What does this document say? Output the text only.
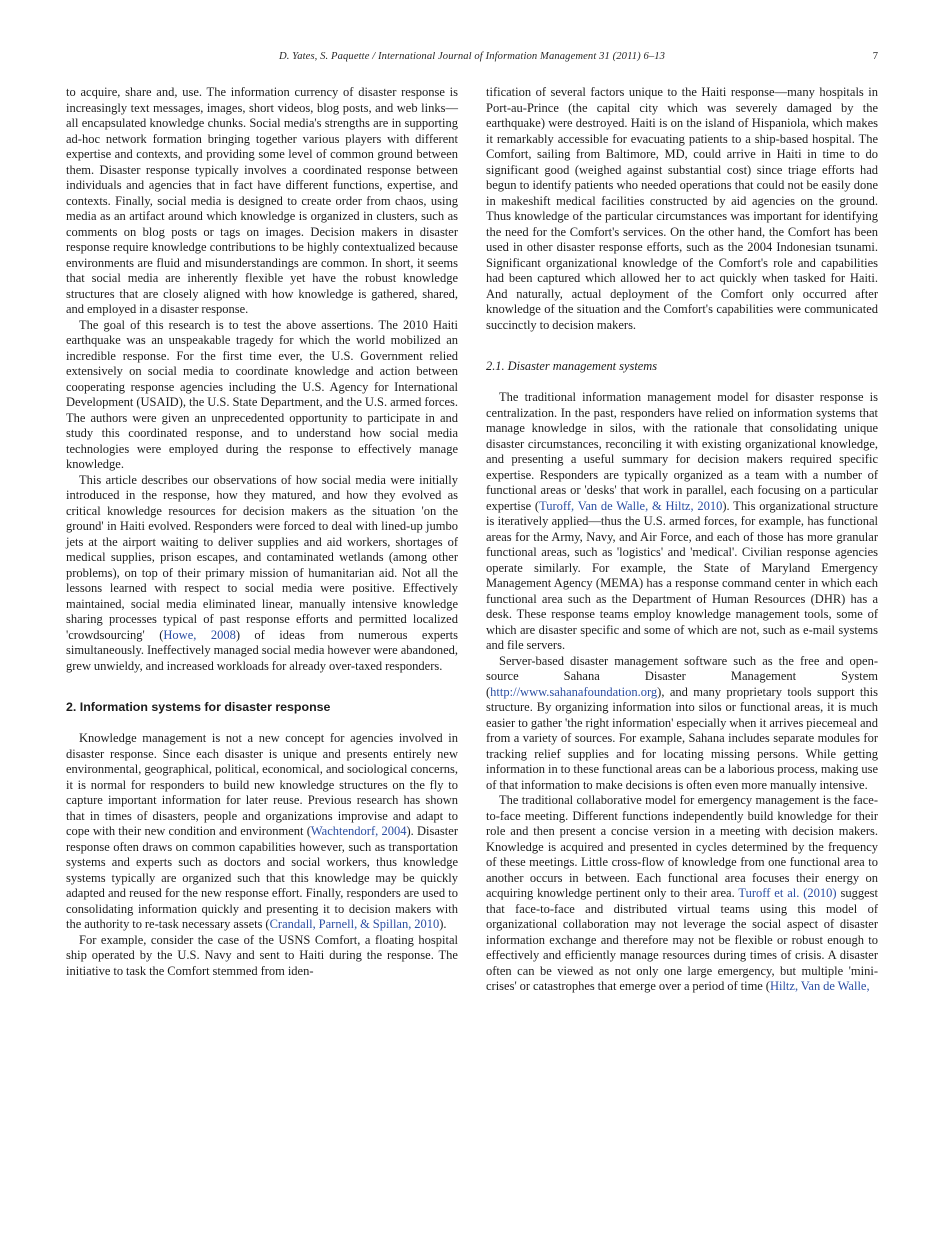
D. Yates, S. Paquette / International Journal of Information Management 31 (2011) 6–13	7

to acquire, share and, use. The information currency of disaster response is increasingly text messages, images, short videos, blog posts, and web links—all encapsulated knowledge chunks. Social media's strengths are in supporting ad-hoc network formation bringing together various players with different expertise and contexts, and providing some level of common ground between them. Disaster response typically involves a coordinated response between individuals and agencies that in fact have different functions, expertise, and contexts. Finally, social media is designed to create order from chaos, using media as an artifact around which knowledge is organized in clusters, such as comments on blog posts or tags on images. Decision makers in disaster response require knowledge contributions to be highly contextualized because environments are fluid and misunderstandings are common. In short, it seems that social media are inherently flexible yet have the robust knowledge structures that are closely aligned with how knowledge is gathered, shared, and employed in a disaster response.

The goal of this research is to test the above assertions. The 2010 Haiti earthquake was an unspeakable tragedy for which the world mobilized an incredible response. For the first time ever, the U.S. Government relied extensively on social media to coordinate knowledge and action between cooperating response agencies including the U.S. Agency for International Development (USAID), the U.S. State Department, and the U.S. armed forces. The authors were given an unprecedented opportunity to participate in and study this coordinated response, and to understand how social media technologies were employed during the response to effectively manage knowledge.

This article describes our observations of how social media were initially introduced in the response, how they matured, and how they evolved as critical knowledge resources for decision makers as the situation 'on the ground' in Haiti evolved. Responders were forced to deal with lined-up jumbo jets at the airport waiting to deliver supplies and aid workers, shortages of medical supplies, prison escapes, and contaminated wetlands (among other problems), on top of their primary mission of humanitarian aid. Not all the lessons learned with respect to social media were positive. Effectively maintained, social media eliminated linear, manually intensive knowledge sharing processes typical of past response efforts and permitted localized 'crowdsourcing' (Howe, 2008) of ideas from numerous experts simultaneously. Ineffectively managed social media however were abandoned, grew unwieldy, and increased workloads for already over-taxed responders.

2. Information systems for disaster response

Knowledge management is not a new concept for agencies involved in disaster response. Since each disaster is unique and presents entirely new environmental, geographical, political, economical, and sociological concerns, it is normal for responders to build new knowledge structures on the fly to capture important information for later reuse. Previous research has shown that in times of disasters, people and organizations improvise and adapt to cope with their new condition and environment (Wachtendorf, 2004). Disaster response often draws on common capabilities however, such as transportation systems and experts such as doctors and social workers, thus knowledge systems typically are organized such that this knowledge may be quickly adapted and reused for the new response effort. Finally, responders are used to consolidating information quickly and presenting it to decision makers with the authority to re-task necessary assets (Crandall, Parnell, & Spillan, 2010).

For example, consider the case of the USNS Comfort, a floating hospital ship operated by the U.S. Navy and sent to Haiti during the response. The initiative to task the Comfort stemmed from iden-

tification of several factors unique to the Haiti response—many hospitals in Port-au-Prince (the capital city which was severely damaged by the earthquake) were destroyed. Haiti is on the island of Hispaniola, which makes it remarkably accessible for evacuating patients to a ship-based hospital. The Comfort, sailing from Baltimore, MD, could arrive in Haiti in time to do significant good (weighed against substantial cost) since triage efforts had begun to identify patients who needed operations that could not be easily done in makeshift medical facilities constructed by aid agencies on the ground. Thus knowledge of the particular circumstances was important for identifying the need for the Comfort's services. On the other hand, the Comfort has been used in other disaster response efforts, such as the 2004 Indonesian tsunami. Significant organizational knowledge of the Comfort's role and capabilities had been captured which allowed her to act quickly when tasked for Haiti. And naturally, actual deployment of the Comfort only occurred after knowledge of the situation and the Comfort's capabilities were communicated succinctly to decision makers.

2.1. Disaster management systems

The traditional information management model for disaster response is centralization. In the past, responders have relied on information systems that manage knowledge in silos, with the rationale that consolidating unique disaster circumstances, reconciling it with existing organizational knowledge, and presenting a useful summary for decision makers required specific expertise. Responders are typically organized as a team with a number of functional areas or 'desks' that work in parallel, each focusing on a particular expertise (Turoff, Van de Walle, & Hiltz, 2010). This organizational structure is iteratively applied—thus the U.S. armed forces, for example, has functional areas for the Army, Navy, and Air Force, and each of those has more granular functional areas, such as 'logistics' and 'medical'. Civilian response agencies operate similarly. For example, the State of Maryland Emergency Management Agency (MEMA) has a response command center in which each functional area such as the Department of Human Resources (DHR) has a desk. These response teams employ knowledge management tools, some of which are disaster specific and some of which are not, such as e-mail systems and file servers.

Server-based disaster management software such as the free and open-source Sahana Disaster Management System (http://www.sahanafoundation.org), and many proprietary tools support this structure. By organizing information into silos or functional areas, it is much easier to gather 'the right information' especially when it arrives piecemeal and from a variety of sources. For example, Sahana includes separate modules for tracking relief supplies and for locating missing persons. While getting information in to these functional areas can be a laborious process, making use of that information to make decisions is often even more manually intensive.

The traditional collaborative model for emergency management is the face-to-face meeting. Different functions independently build knowledge for their role and then present a concise version in a meeting with decision makers. Knowledge is acquired and presented in cycles determined by the frequency of these meetings. Little cross-flow of knowledge from one functional area to another occurs in between. Each functional area focuses their energy on acquiring knowledge pertinent only to their area. Turoff et al. (2010) suggest that face-to-face and distributed virtual teams using this model of organizational collaboration may not leverage the social aspect of disaster information exchange and therefore may not be flexible or robust enough to effectively and efficiently manage resources during times of crisis. A disaster often can be viewed as not only one large emergency, but multiple 'mini-crises' or catastrophes that emerge over a period of time (Hiltz, Van de Walle,
